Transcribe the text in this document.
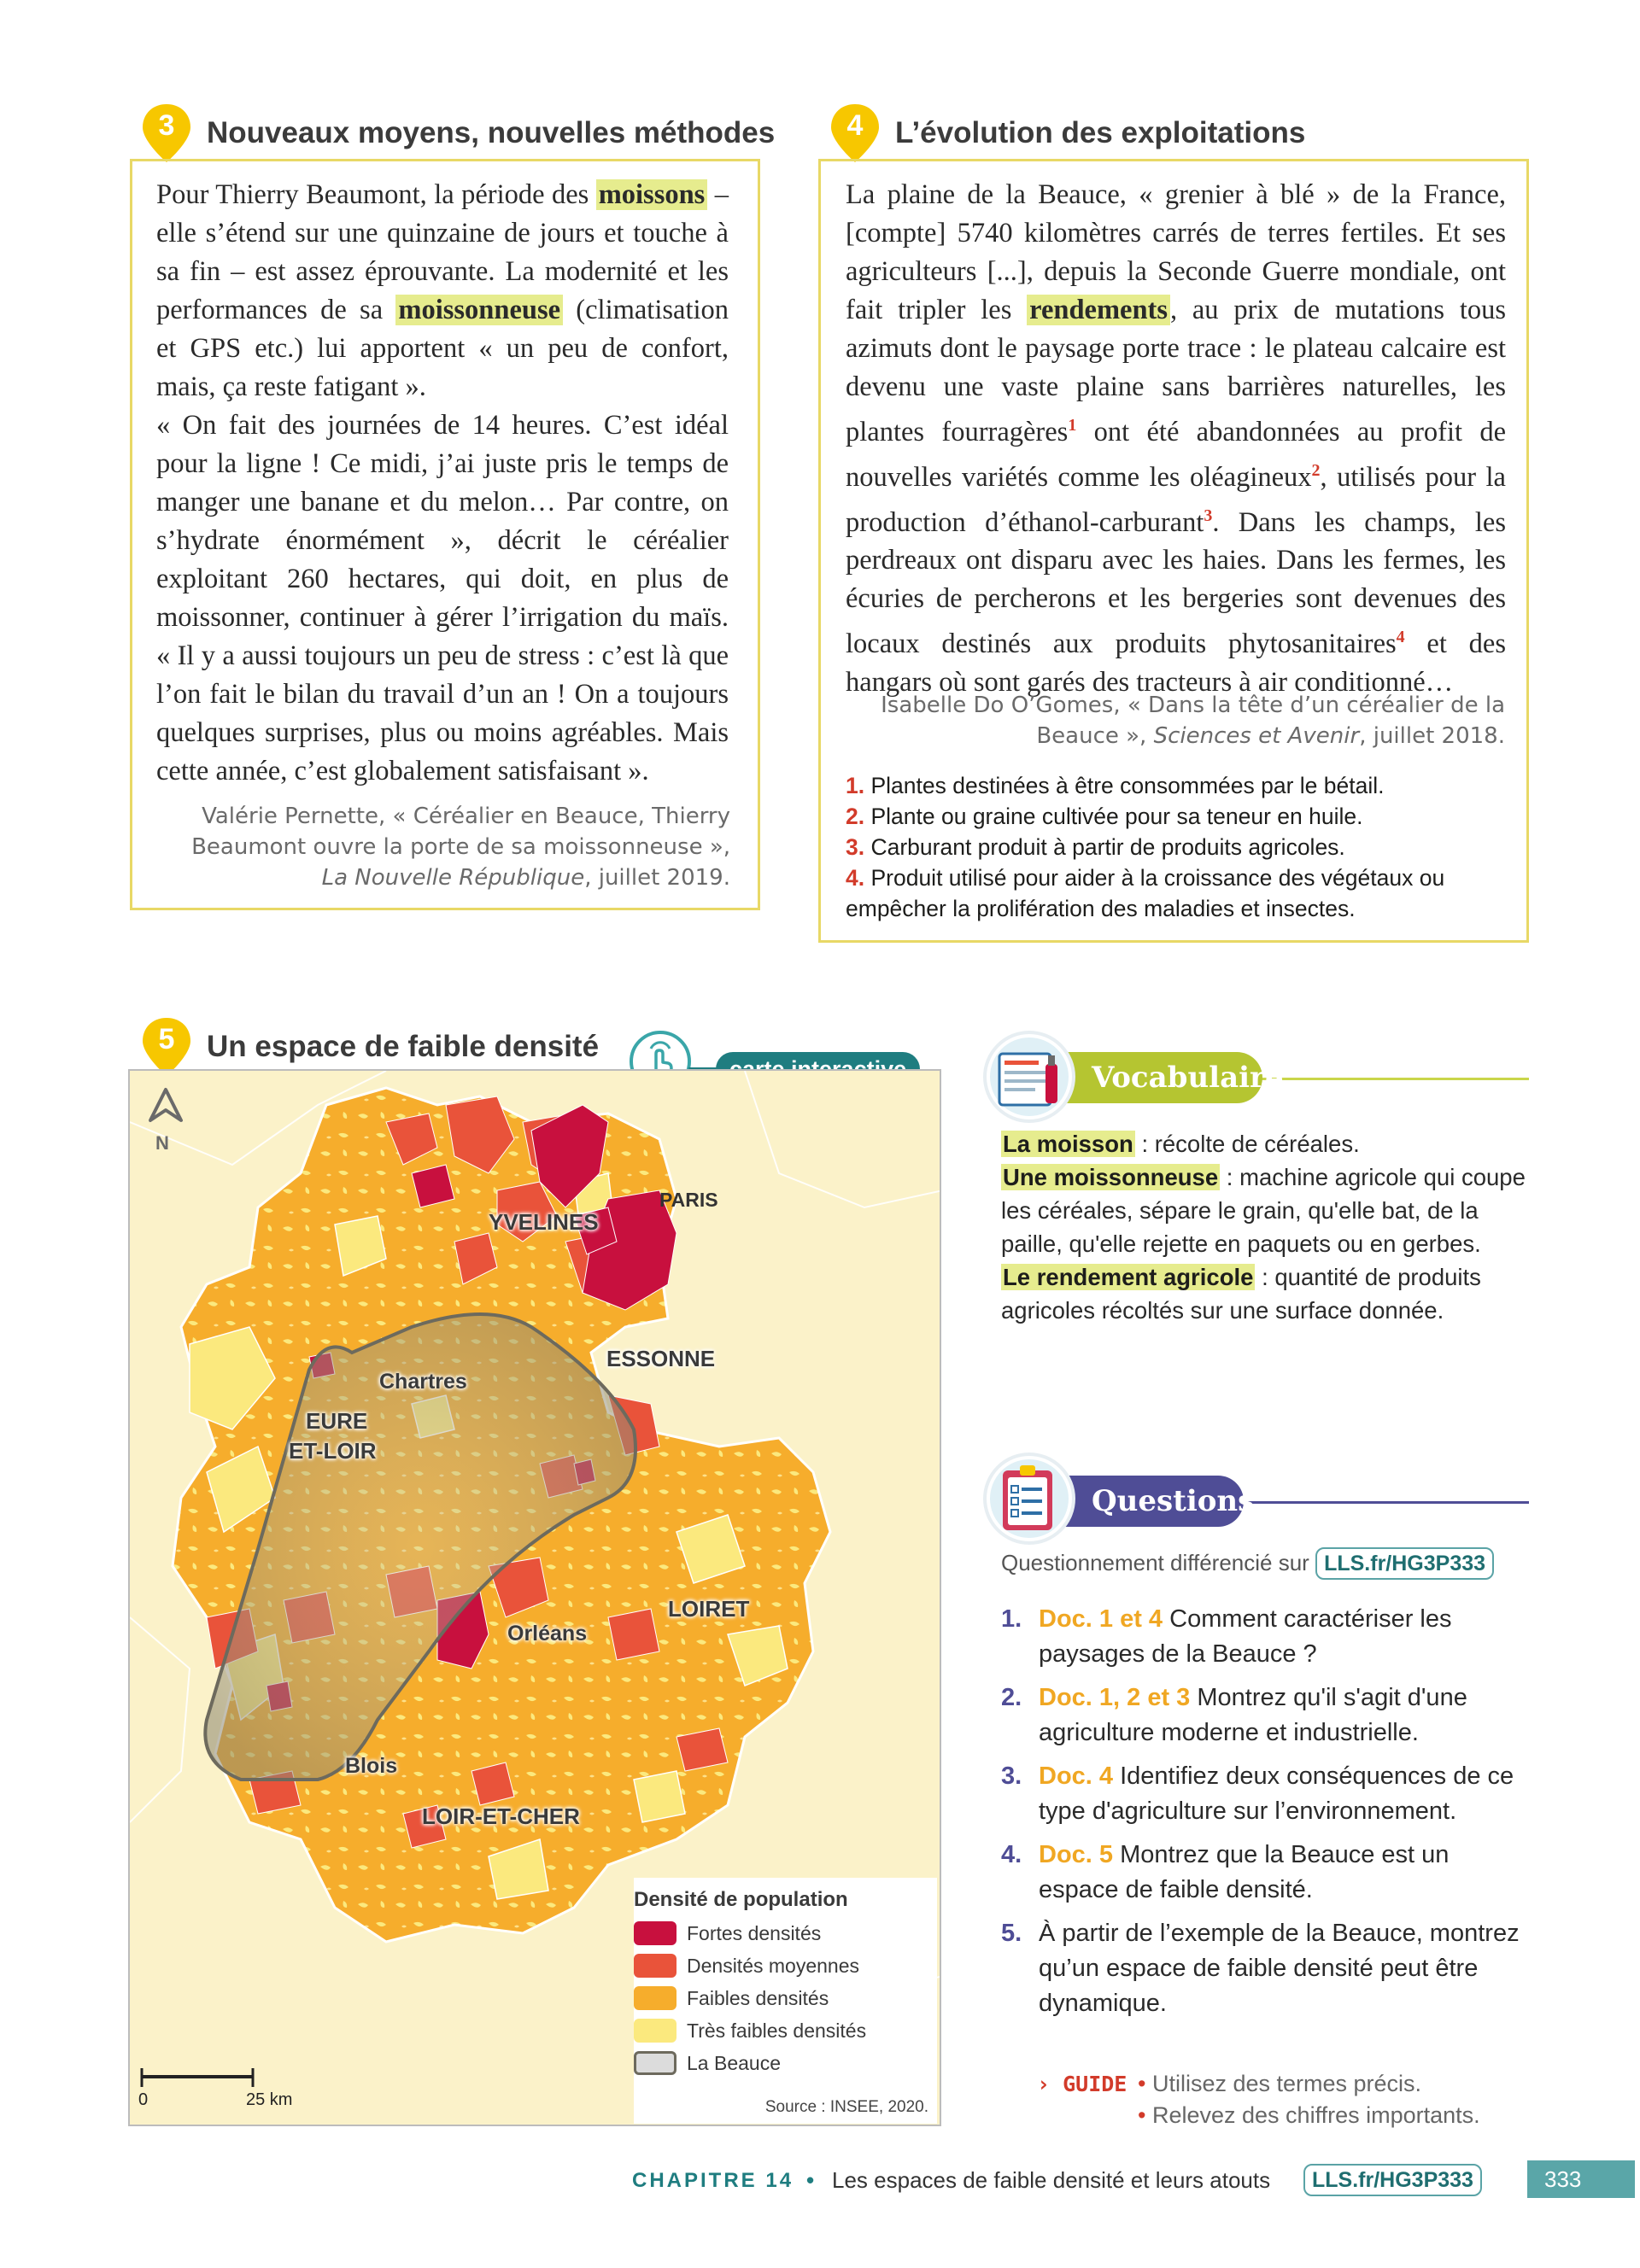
3	Nouveaux moyens, nouvelles méthodes
Pour Thierry Beaumont, la période des moissons – elle s’étend sur une quinzaine de jours et touche à sa fin – est assez éprouvante. La modernité et les performances de sa moissonneuse (climatisation et GPS etc.) lui apportent « un peu de confort, mais, ça reste fatigant ».
« On fait des journées de 14 heures. C’est idéal pour la ligne ! Ce midi, j’ai juste pris le temps de manger une banane et du melon… Par contre, on s’hydrate énormément », décrit le céréalier exploitant 260 hectares, qui doit, en plus de moissonner, continuer à gérer l’irrigation du maïs. « Il y a aussi toujours un peu de stress : c’est là que l’on fait le bilan du travail d’un an ! On a toujours quelques surprises, plus ou moins agréables. Mais cette année, c’est globalement satisfaisant ».
Valérie Pernette, « Céréalier en Beauce, Thierry Beaumont ouvre la porte de sa moissonneuse »,
La Nouvelle République, juillet 2019.
4	L’évolution des exploitations
La plaine de la Beauce, « grenier à blé » de la France, [compte] 5740 kilomètres carrés de terres fertiles. Et ses agriculteurs [...], depuis la Seconde Guerre mondiale, ont fait tripler les rendements, au prix de mutations tous azimuts dont le paysage porte trace : le plateau calcaire est devenu une vaste plaine sans barrières naturelles, les plantes fourragères$^1$ ont été abandonnées au profit de nouvelles variétés comme les oléagineux$^2$, utilisés pour la production d’éthanol-carburant$^3$. Dans les champs, les perdreaux ont disparu avec les haies. Dans les fermes, les écuries de percherons et les bergeries sont devenues des locaux destinés aux produits phytosanitaires$^4$ et des hangars où sont garés des tracteurs à air conditionné…
Isabelle Do O’Gomes, « Dans la tête d’un céréalier de la Beauce », Sciences et Avenir, juillet 2018.
1. Plantes destinées à être consommées par le bétail.
2. Plante ou graine cultivée pour sa teneur en huile.
3. Carburant produit à partir de produits agricoles.
4. Produit utilisé pour aider à la croissance des végétaux ou empêcher la prolifération des maladies et insectes.
5	Un espace de faible densité
N
PARIS
YVELINES
ESSONNE
Chartres
EURE
ET-LOIR
LOIRET
Orléans
Blois
LOIR-ET-CHER
0	25 km
Densité de population
Fortes densités
Densités moyennes
Faibles densités
Très faibles densités
La Beauce
Source : INSEE, 2020.
Vocabulaire
La moisson : récolte de céréales.
Une moissonneuse : machine agricole qui coupe les céréales, sépare le grain, qu'elle bat, de la paille, qu'elle rejette en paquets ou en gerbes.
Le rendement agricole : quantité de produits agricoles récoltés sur une surface donnée.
Questions
Questionnement différencié sur LLS.fr/HG3P333
1. Doc. 1 et 4 Comment caractériser les paysages de la Beauce ?
2. Doc. 1, 2 et 3 Montrez qu'il s'agit d'une agriculture moderne et industrielle.
3. Doc. 4 Identifiez deux conséquences de ce type d'agriculture sur l’environnement.
4. Doc. 5 Montrez que la Beauce est un espace de faible densité.
5. À partir de l’exemple de la Beauce, montrez qu’un espace de faible densité peut être dynamique.
› GUIDE • Utilisez des termes précis.
• Relevez des chiffres importants.
CHAPITRE 14 • Les espaces de faible densité et leurs atouts	LLS.fr/HG3P333	333
